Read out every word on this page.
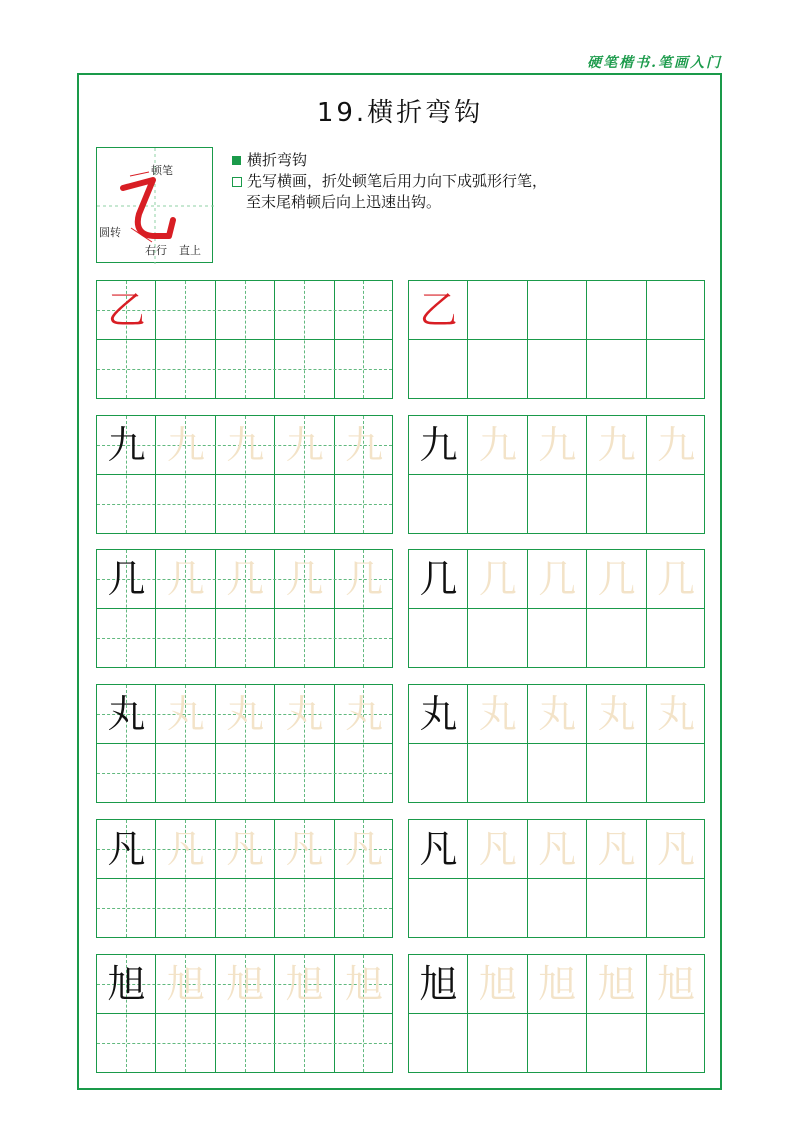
硬笔楷书.笔画入门
19.横折弯钩
顿笔
圆转
右行 直上
横折弯钩
先写横画，折处顿笔后用力向下成弧形行笔，
至末尾稍顿后向上迅速出钩。
乙	乙
九 九 九 九 九 九 九 九 九 九
几 几 几 几 几 几 几 几 几 几
丸 丸 丸 丸 丸 丸 丸 丸 丸 丸
凡 凡 凡 凡 凡 凡 凡 凡 凡 凡
旭 旭 旭 旭 旭 旭 旭 旭 旭 旭
